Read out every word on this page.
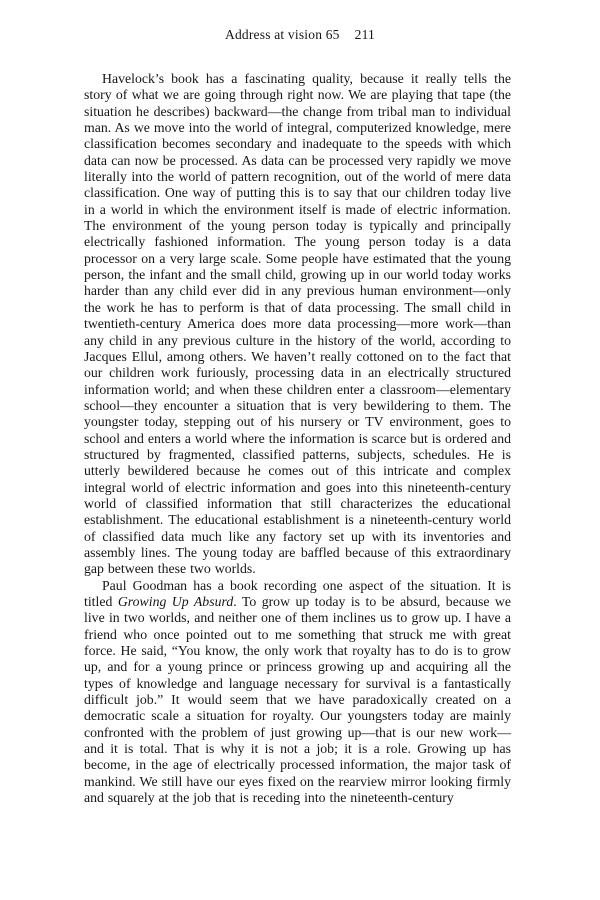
Address at vision 65 211

Havelock’s book has a fascinating quality, because it really tells the story of what we are going through right now. We are playing that tape (the situation he describes) backward—the change from tribal man to individual man. As we move into the world of integral, computerized knowledge, mere classification becomes secondary and inadequate to the speeds with which data can now be processed. As data can be processed very rapidly we move literally into the world of pattern recognition, out of the world of mere data classification. One way of putting this is to say that our children today live in a world in which the environment itself is made of electric information. The environment of the young person today is typically and principally electrically fashioned information. The young person today is a data processor on a very large scale. Some people have estimated that the young person, the infant and the small child, growing up in our world today works harder than any child ever did in any previous human environment—only the work he has to perform is that of data processing. The small child in twentieth-century America does more data processing—more work—than any child in any previous culture in the history of the world, according to Jacques Ellul, among others. We haven’t really cottoned on to the fact that our children work furiously, processing data in an electrically structured information world; and when these children enter a classroom—elementary school—they encounter a situation that is very bewildering to them. The youngster today, stepping out of his nursery or TV environment, goes to school and enters a world where the information is scarce but is ordered and structured by fragmented, classified patterns, subjects, schedules. He is utterly bewildered because he comes out of this intricate and complex integral world of electric information and goes into this nineteenth-century world of classified information that still characterizes the educational establishment. The educational establishment is a nineteenth-century world of classified data much like any factory set up with its inventories and assembly lines. The young today are baffled because of this extraordinary gap between these two worlds.

Paul Goodman has a book recording one aspect of the situation. It is titled Growing Up Absurd. To grow up today is to be absurd, because we live in two worlds, and neither one of them inclines us to grow up. I have a friend who once pointed out to me something that struck me with great force. He said, “You know, the only work that royalty has to do is to grow up, and for a young prince or princess growing up and acquiring all the types of knowledge and language necessary for survival is a fantastically difficult job.” It would seem that we have paradoxically created on a democratic scale a situation for royalty. Our youngsters today are mainly confronted with the problem of just growing up—that is our new work—and it is total. That is why it is not a job; it is a role. Growing up has become, in the age of electrically processed information, the major task of mankind. We still have our eyes fixed on the rearview mirror looking firmly and squarely at the job that is receding into the nineteenth-century
